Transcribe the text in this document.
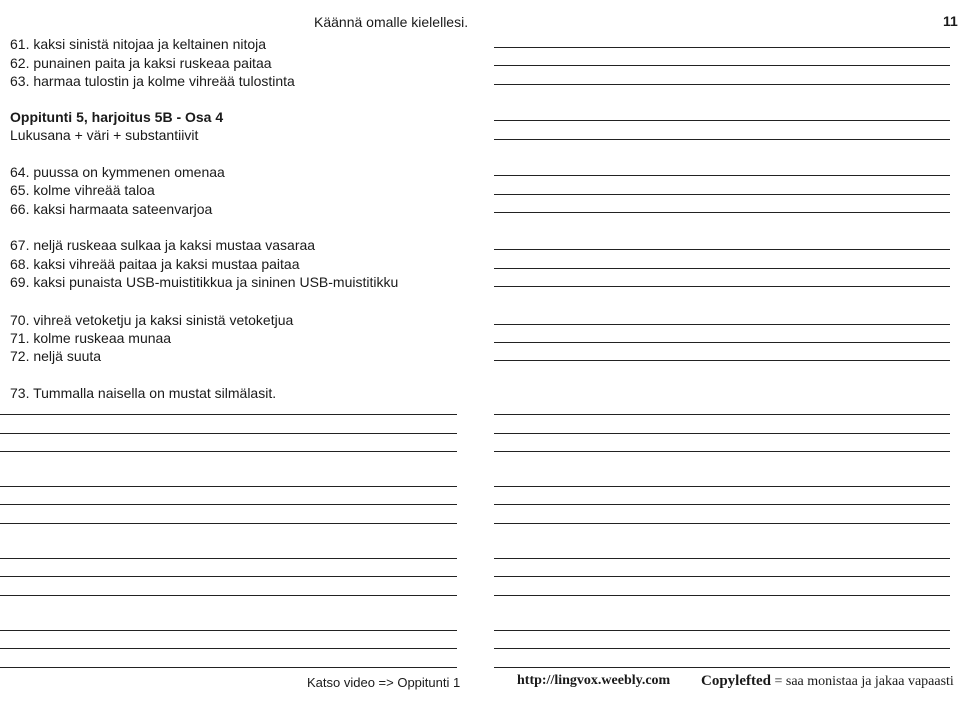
Käännä omalle kielellesi.	11
61. kaksi sinistä nitojaa ja keltainen nitoja
62. punainen paita ja kaksi ruskeaa paitaa
63. harmaa tulostin ja kolme vihreää tulostinta
Oppitunti 5, harjoitus 5B - Osa 4
Lukusana + väri + substantiivit
64. puussa on kymmenen omenaa
65. kolme vihreää taloa
66. kaksi harmaata sateenvarjoa
67. neljä ruskeaa sulkaa ja kaksi mustaa vasaraa
68. kaksi vihreää paitaa ja kaksi mustaa paitaa
69. kaksi punaista USB-muistitikkua ja sininen USB-muistitikku
70. vihreä vetoketju ja kaksi sinistä vetoketjua
71. kolme ruskeaa munaa
72. neljä suuta
73. Tummalla naisella on mustat silmälasit.
Katso video => Oppitunti 1	http://lingvox.weebly.com Copylefted = saa monistaa ja jakaa vapaasti
